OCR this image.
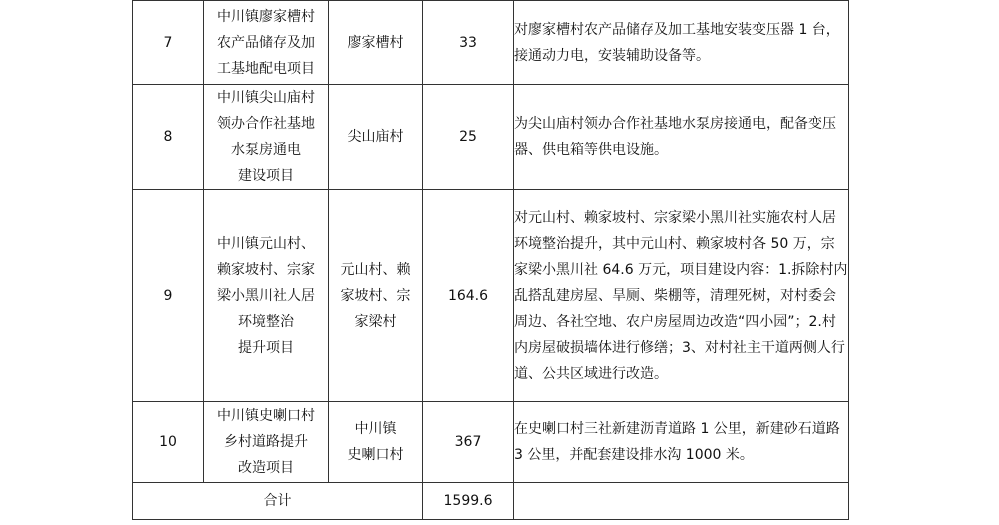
7	中川镇廖家槽村
农产品储存及加
工基地配电项目	廖家槽村	33	对廖家槽村农产品储存及加工基地安装变压器 1 台，接通动力电，安装辅助设备等。
8	中川镇尖山庙村
领办合作社基地
水泵房通电
建设项目	尖山庙村	25	为尖山庙村领办合作社基地水泵房接通电，配备变压器、供电箱等供电设施。
9	中川镇元山村、
赖家坡村、宗家
梁小黑川社人居
环境整治
提升项目	元山村、赖
家坡村、宗
家梁村	164.6	对元山村、赖家坡村、宗家梁小黑川社实施农村人居环境整治提升，其中元山村、赖家坡村各 50 万，宗家梁小黑川社 64.6 万元，项目建设内容：1.拆除村内乱搭乱建房屋、旱厕、柴棚等，清理死树，对村委会周边、各社空地、农户房屋周边改造“四小园”；2.村内房屋破损墙体进行修缮；3、对村社主干道两侧人行道、公共区域进行改造。
10	中川镇史喇口村
乡村道路提升
改造项目	中川镇
史喇口村	367	在史喇口村三社新建沥青道路 1 公里，新建砂石道路 3 公里，并配套建设排水沟 1000 米。
合计			1599.6	
